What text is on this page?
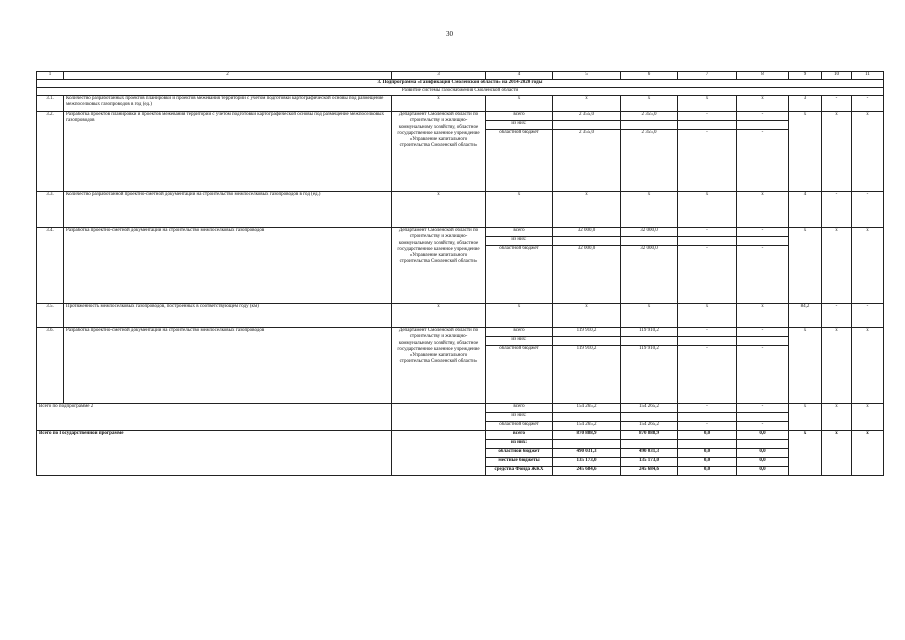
30
1	2	3	4	5	6	7	8	9	10	11
3. Подпрограмма «Газификация Смоленской области» на 2014-2020 годы										
Развитие системы газоснабжения Смоленской области										
3.1.	Количество разработанных проектов планировки и проектов межевания территории с учетом подготовки картографической основы под размещение межпоселковых газопроводов в год (ед.)	х	х	х	х	х	х	3	-	-
3.2.	Разработка проектов планировки и проектов межевания территории с учетом подготовки картографической основы под размещение межпоселковых газопроводов	Департамент Смоленской области по строительству и жилищно-коммунальному хозяйству, областное государственное казенное учреждение «Управление капитального строительства Смоленской области»	всего	2 355,0	2 355,0	-	-	х	х	х
			из них:							
			областной бюджет	2 355,0	2 355,0	-	-			
3.3.	Количество разработанной проектно-сметной документации на строительство межпоселковых газопроводов в год (ед.)	х	х	х	х	х	х	4	-	-
3.4.	Разработка проектно-сметной документации на строительство межпоселковых газопроводов	Департамент Смоленской области по строительству и жилищно-коммунальному хозяйству, областное государственное казенное учреждение «Управление капитального строительства Смоленской области»	всего	32 000,0	32 000,0	-	-	х	х	х
			из них:							
			областной бюджет	32 000,0	32 000,0	-	-			
3.5.	Протяженность межпоселковых газопроводов, построенных в соответствующем году (км)	х	х	х	х	х	х	84,2	-	-
3.6.	Разработка проектно-сметной документации на строительство межпоселковых газопроводов	Департамент Смоленской области по строительству и жилищно-коммунальному хозяйству, областное государственное казенное учреждение «Управление капитального строительства Смоленской области»	всего	119 910,2	119 910,2	-	-	х	х	х
			из них:							
			областной бюджет	119 910,2	119 910,2	-	-			
Всего по подпрограмме 2			всего	154 265,2	154 265,2	-	-	х	х	х
			из них:							
			областной бюджет	154 265,2	154 265,2	-	-			
Всего по Государственной программе			всего	870 888,9	870 888,9	0,0	0,0	х	х	х
			из них:							
			областной бюджет	490 031,3	490 031,3	0,0	0,0			
			местные бюджеты	135 173,0	135 173,0	0,0	0,0			
			средства Фонда ЖКХ	245 684,6	245 684,6	0,0	0,0			
